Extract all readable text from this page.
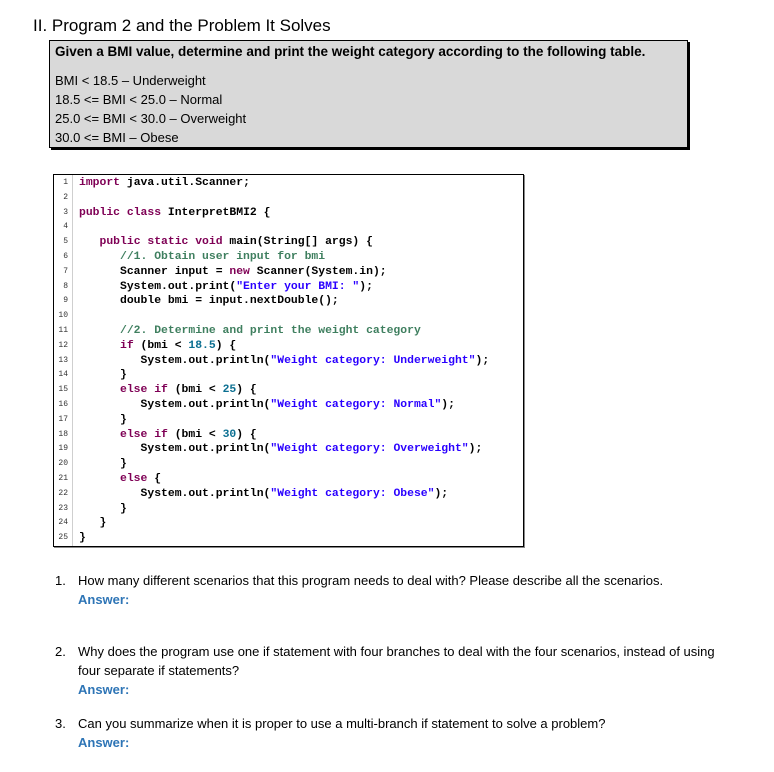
II. Program 2 and the Problem It Solves

Given a BMI value, determine and print the weight category according to the following table.

BMI < 18.5 – Underweight
18.5 <= BMI < 25.0 – Normal
25.0 <= BMI < 30.0 – Overweight
30.0 <= BMI – Obese
1 import java.util.Scanner;
2
3 public class InterpretBMI2 {
4
5	public static void main(String[] args) {
6	//1. Obtain user input for bmi
7 Scanner input = new Scanner(System.in);
8 System.out.print("Enter your BMI: ");
9 double bmi = input.nextDouble();
10
11	//2. Determine and print the weight category
12	if (bmi < 18.5) {
13 System.out.println("Weight category: Underweight");
14 }
15	else if (bmi < 25) {
16 System.out.println("Weight category: Normal");
17 }
18	else if (bmi < 30) {
19 System.out.println("Weight category: Overweight");
20 }
21	else {
22 System.out.println("Weight category: Obese");
23 }
24 }
25 }
1. How many different scenarios that this program needs to deal with? Please describe all the scenarios.

Answer:
2. Why does the program use one if statement with four branches to deal with the four scenarios, instead of using four separate if statements?

Answer:
3. Can you summarize when it is proper to use a multi-branch if statement to solve a problem?

Answer:
